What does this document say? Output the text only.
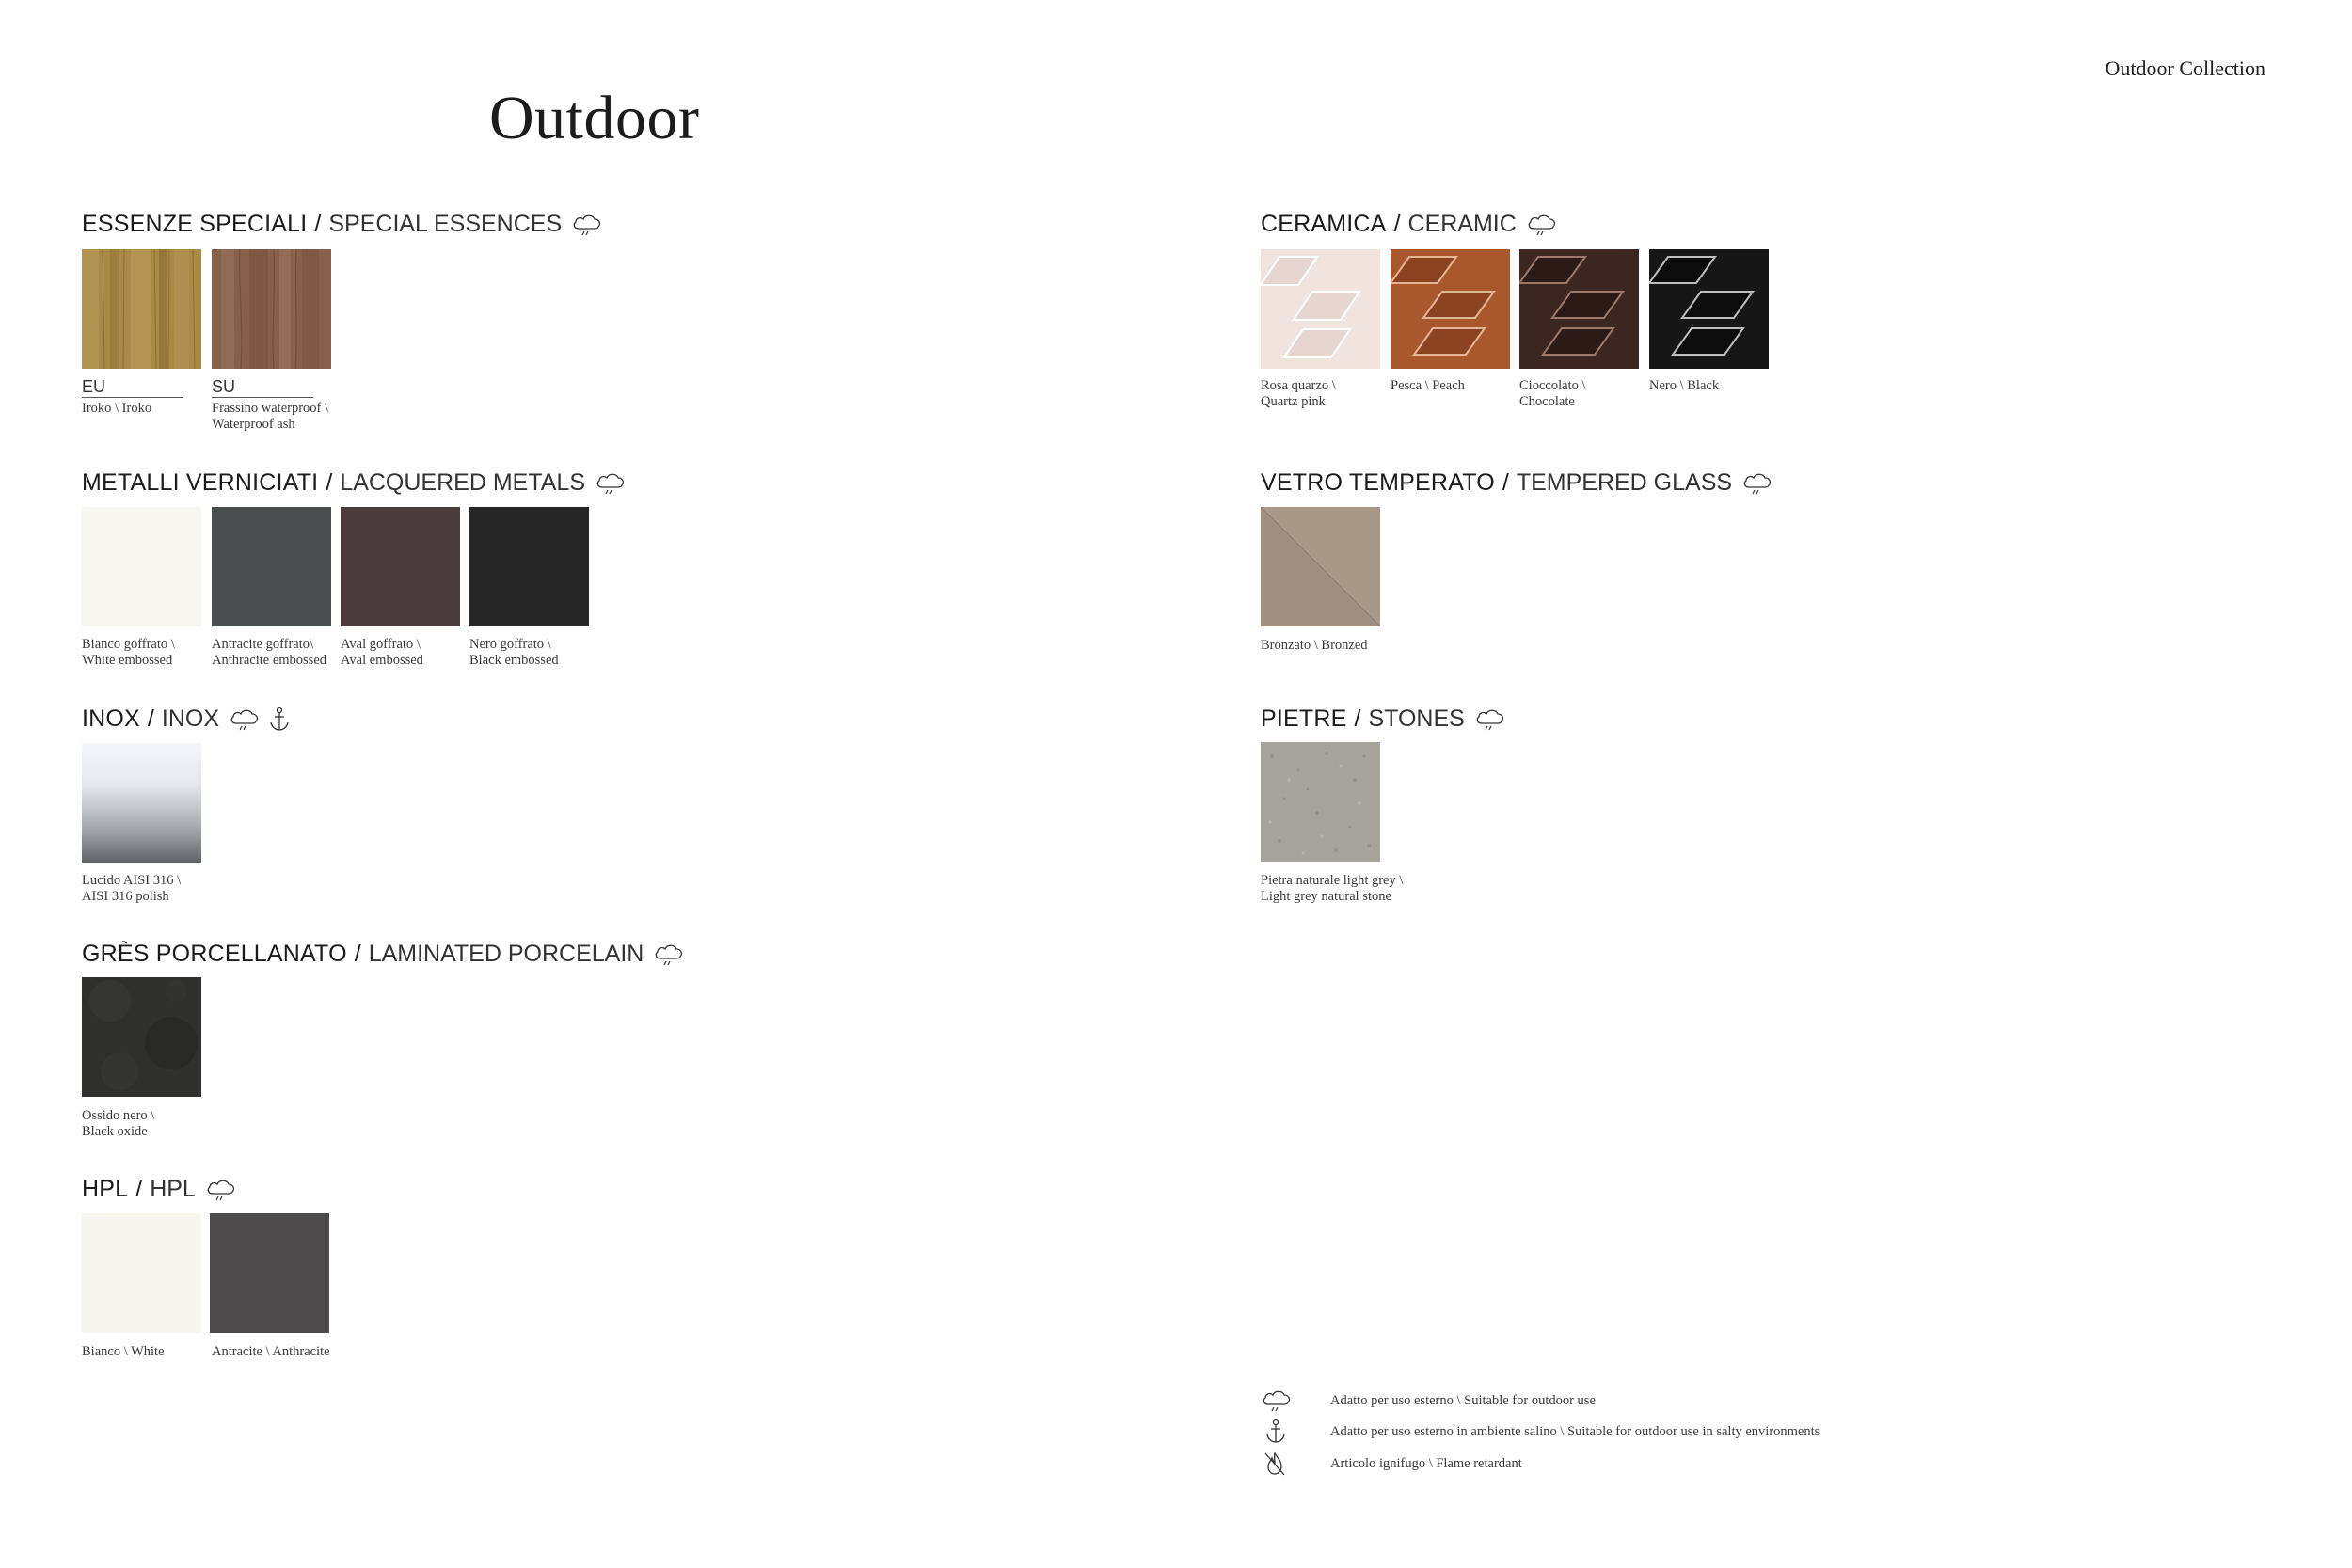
Outdoor
Outdoor Collection
ESSENZE SPECIALI / SPECIAL ESSENCES
EU	SU
Iroko \ Iroko	Frassino waterproof \
Waterproof ash
METALLI VERNICIATI / LACQUERED METALS
Bianco goffrato \
White embossed
Antracite goffrato\
Anthracite embossed
Aval goffrato \
Aval embossed
Nero goffrato \
Black embossed
INOX / INOX
Lucido AISI 316 \
AISI 316 polish
GRÈS PORCELLANATO / LAMINATED PORCELAIN
Ossido nero \
Black oxide
HPL / HPL
Bianco \ White	Antracite \ Anthracite
CERAMICA / CERAMIC
Rosa quarzo \
Quartz pink
Pesca \ Peach	Cioccolato \
Chocolate
Nero \ Black
VETRO TEMPERATO / TEMPERED GLASS
Bronzato \ Bronzed
PIETRE / STONES
Pietra naturale light grey \
Light grey natural stone
Adatto per uso esterno \ Suitable for outdoor use
Adatto per uso esterno in ambiente salino \ Suitable for outdoor use in salty environments
Articolo ignifugo \ Flame retardant
